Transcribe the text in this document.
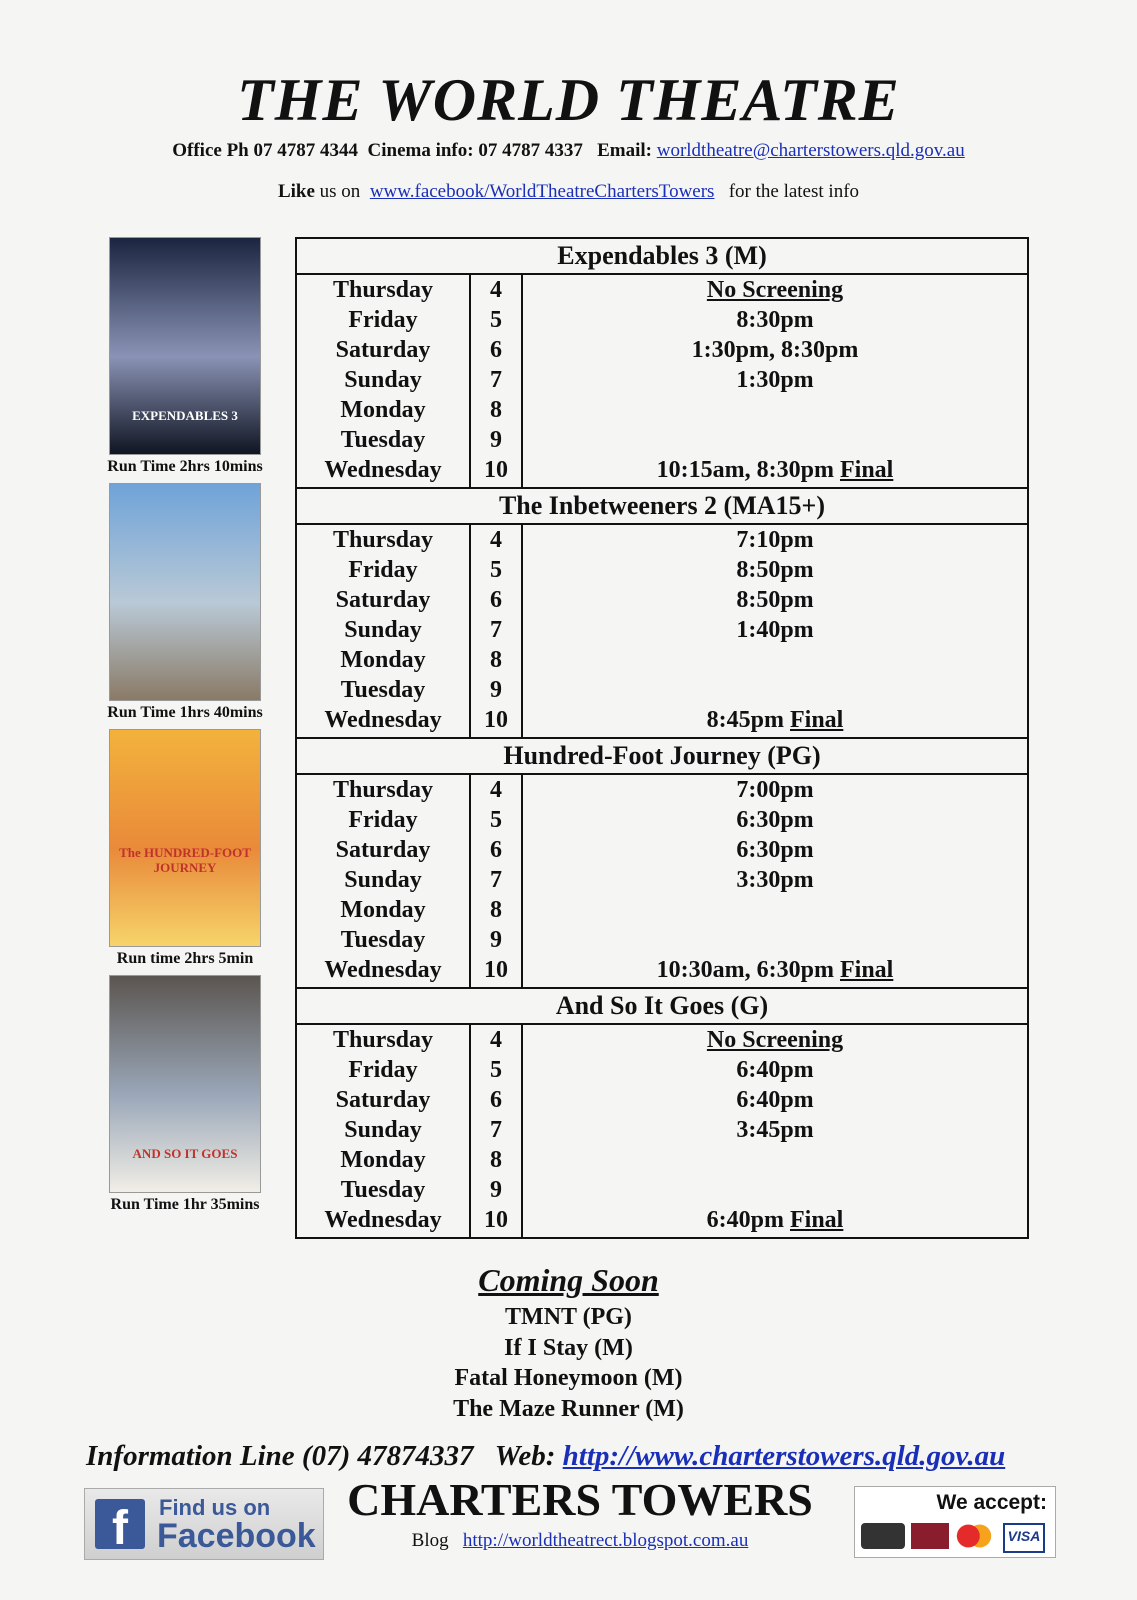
THE WORLD THEATRE
Office Ph 07 4787 4344 Cinema info: 07 4787 4337 Email: worldtheatre@charterstowers.qld.gov.au
Like us on www.facebook/WorldTheatreChartersTowers for the latest info
Expendables 3 (M)
Thursday	4	No Screening
Friday	5	8:30pm
Saturday	6	1:30pm, 8:30pm
Sunday	7	1:30pm
Monday	8
Tuesday	9
Wednesday	10	10:15am, 8:30pm Final
The Inbetweeners 2 (MA15+)
Thursday	4	7:10pm
Friday	5	8:50pm
Saturday	6	8:50pm
Sunday	7	1:40pm
Monday	8
Tuesday	9
Wednesday	10	8:45pm Final
Hundred-Foot Journey (PG)
Thursday	4	7:00pm
Friday	5	6:30pm
Saturday	6	6:30pm
Sunday	7	3:30pm
Monday	8
Tuesday	9
Wednesday	10	10:30am, 6:30pm Final
And So It Goes (G)
Thursday	4	No Screening
Friday	5	6:40pm
Saturday	6	6:40pm
Sunday	7	3:45pm
Monday	8
Tuesday	9
Wednesday	10	6:40pm Final
Coming Soon
TMNT (PG)
If I Stay (M)
Fatal Honeymoon (M)
The Maze Runner (M)
Information Line (07) 47874337 Web: http://www.charterstowers.qld.gov.au
f	Find us on
Facebook
CHARTERS TOWERS
Blog http://worldtheatrect.blogspot.com.au
We accept:
VISA
EXPENDABLES 3
Run Time 2hrs 10mins
Run Time 1hrs 40mins
The HUNDRED-FOOT JOURNEY
Run time 2hrs 5min
AND SO IT GOES
Run Time 1hr 35mins
